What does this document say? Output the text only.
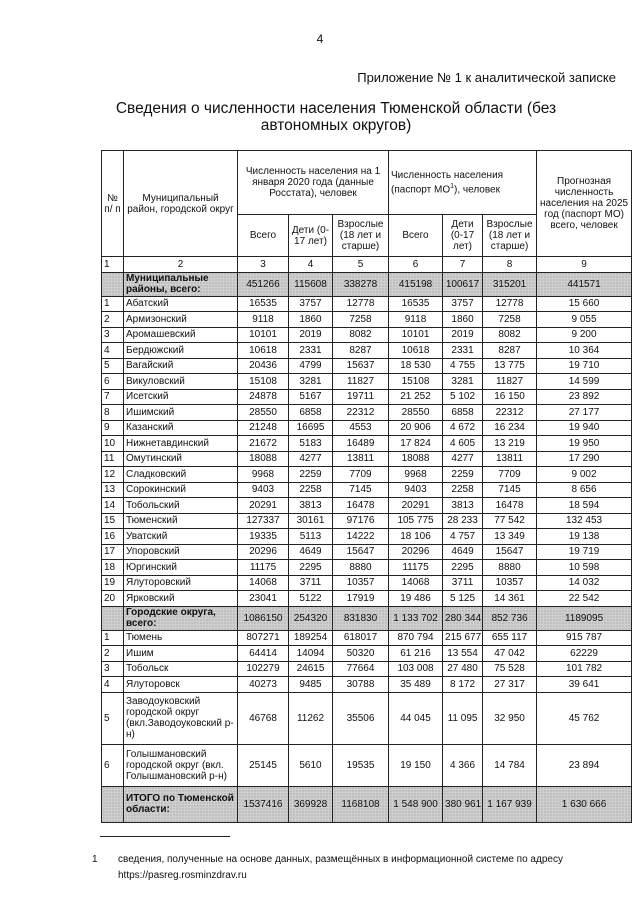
4
Приложение № 1 к аналитической записке
Сведения о численности населения Тюменской области (без автономных округов)
№ п/ п	Муниципальный район, городской округ	Численность населения на 1 января 2020 года (данные Росстата), человек			Численность населения (паспорт $МО^1$), человек			Прогнозная численность населения на 2025 год (паспорт МО) всего, человек
		Всего	Дети (0-17 лет)	Взрослые (18 лет и старше)	Всего	Дети (0-17 лет)	Взрослые (18 лет и старше)	
1	2	3	4	5	6	7	8	9
	Муниципальные районы, всего:	451266	115608	338278	415198	100617	315201	441571
1	Абатский	16535	3757	12778	16535	3757	12778	15 660
2	Армизонский	9118	1860	7258	9118	1860	7258	9 055
3	Аромашевский	10101	2019	8082	10101	2019	8082	9 200
4	Бердюжский	10618	2331	8287	10618	2331	8287	10 364
5	Вагайский	20436	4799	15637	18 530	4 755	13 775	19 710
6	Викуловский	15108	3281	11827	15108	3281	11827	14 599
7	Исетский	24878	5167	19711	21 252	5 102	16 150	23 892
8	Ишимский	28550	6858	22312	28550	6858	22312	27 177
9	Казанский	21248	16695	4553	20 906	4 672	16 234	19 940
10	Нижнетавдинский	21672	5183	16489	17 824	4 605	13 219	19 950
11	Омутинский	18088	4277	13811	18088	4277	13811	17 290
12	Сладковский	9968	2259	7709	9968	2259	7709	9 002
13	Сорокинский	9403	2258	7145	9403	2258	7145	8 656
14	Тобольский	20291	3813	16478	20291	3813	16478	18 594
15	Тюменский	127337	30161	97176	105 775	28 233	77 542	132 453
16	Уватский	19335	5113	14222	18 106	4 757	13 349	19 138
17	Упоровский	20296	4649	15647	20296	4649	15647	19 719
18	Юргинский	11175	2295	8880	11175	2295	8880	10 598
19	Ялуторовский	14068	3711	10357	14068	3711	10357	14 032
20	Ярковский	23041	5122	17919	19 486	5 125	14 361	22 542
	Городские округа, всего:	1086150	254320	831830	1 133 702	280 344	852 736	1189095
1	Тюмень	807271	189254	618017	870 794	215 677	655 117	915 787
2	Ишим	64414	14094	50320	61 216	13 554	47 042	62229
3	Тобольск	102279	24615	77664	103 008	27 480	75 528	101 782
4	Ялуторовск	40273	9485	30788	35 489	8 172	27 317	39 641
5	Заводоуковский городской округ (вкл.Заводоуковский р-н)	46768	11262	35506	44 045	11 095	32 950	45 762
6	Голышмановский городской округ (вкл. Голышмановский р-н)	25145	5610	19535	19 150	4 366	14 784	23 894
	ИТОГО по Тюменской области:	1537416	369928	1168108	1 548 900	380 961	1 167 939	1 630 666
1 сведения, полученные на основе данных, размещённых в информационной системе по адресу
https://pasreg.rosminzdrav.ru
